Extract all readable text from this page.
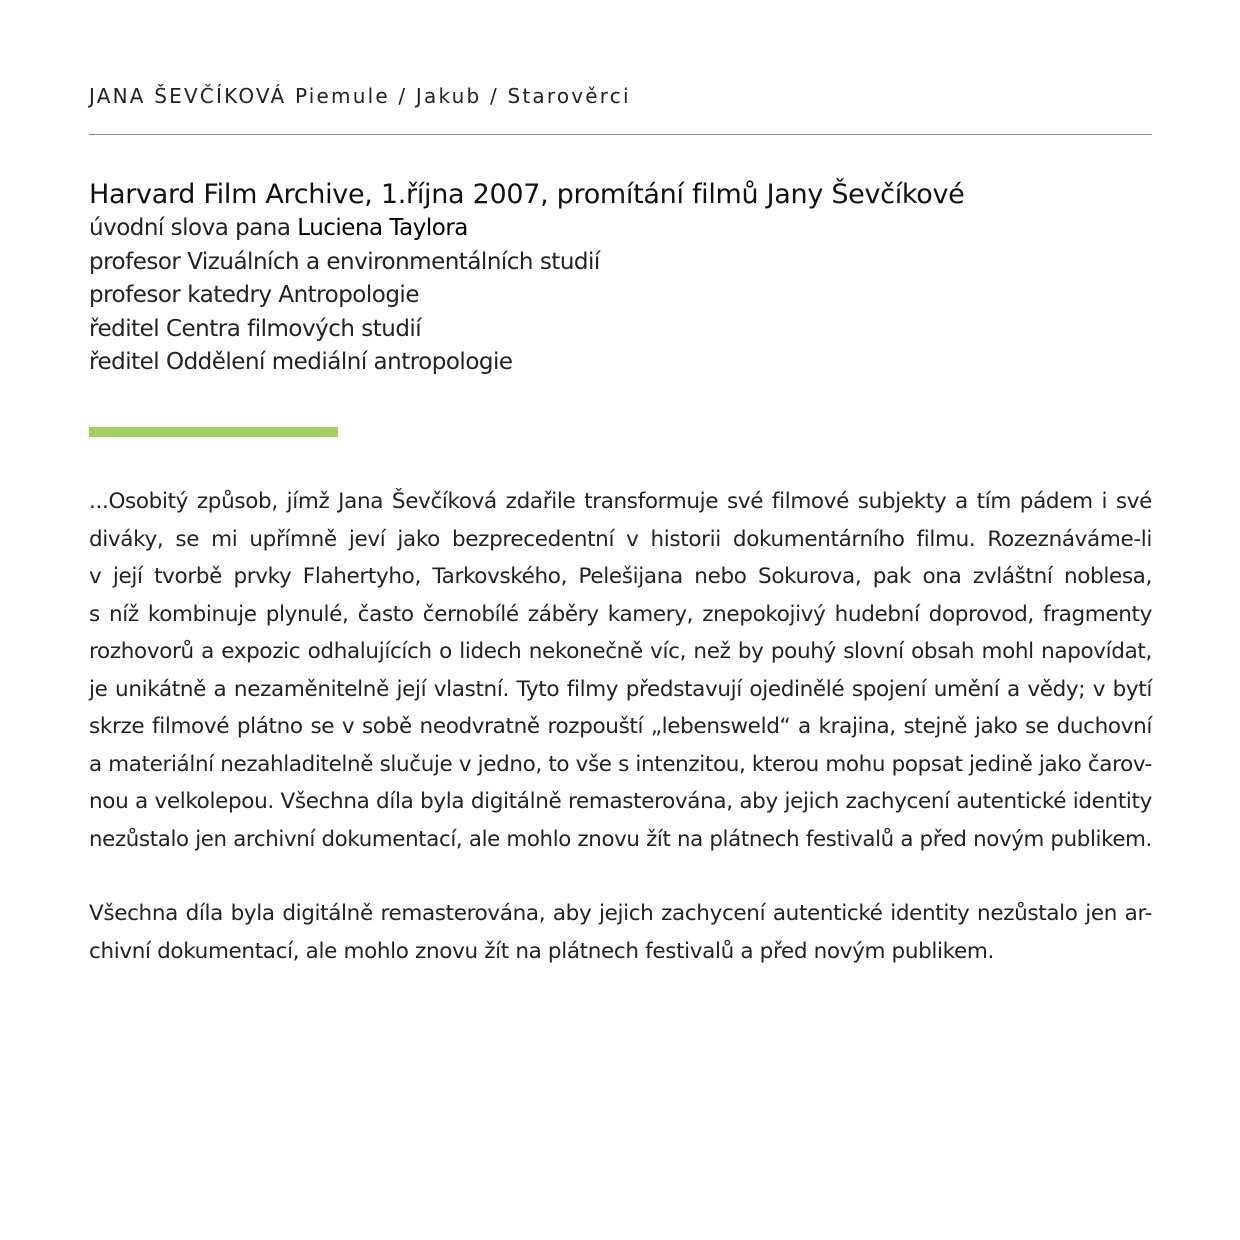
JANA ŠEVČÍKOVÁ Piemule / Jakub / Starověrci
Harvard Film Archive, 1.října 2007, promítání filmů Jany Ševčíkové
úvodní slova pana Luciena Taylora
profesor Vizuálních a environmentálních studií
profesor katedry Antropologie
ředitel Centra filmových studií
ředitel Oddělení mediální antropologie
...Osobitý způsob, jímž Jana Ševčíková zdařile transformuje své filmové subjekty a tím pádem i své
diváky, se mi upřímně jeví jako bezprecedentní v historii dokumentárního filmu. Rozeznáváme-li
v její tvorbě prvky Flahertyho, Tarkovského, Pelešijana nebo Sokurova, pak ona zvláštní noblesa,
s níž kombinuje plynulé, často černobílé záběry kamery, znepokojivý hudební doprovod, fragmenty
rozhovorů a expozic odhalujících o lidech nekonečně víc, než by pouhý slovní obsah mohl napovídat,
je unikátně a nezaměnitelně její vlastní. Tyto filmy představují ojedinělé spojení umění a vědy; v bytí
skrze filmové plátno se v sobě neodvratně rozpouští „lebensweld“ a krajina, stejně jako se duchovní
a materiální nezahladitelně slučuje v jedno, to vše s intenzitou, kterou mohu popsat jedině jako čarov-
nou a velkolepou. Všechna díla byla digitálně remasterována, aby jejich zachycení autentické identity
nezůstalo jen archivní dokumentací, ale mohlo znovu žít na plátnech festivalů a před novým publikem.
Všechna díla byla digitálně remasterována, aby jejich zachycení autentické identity nezůstalo jen ar-
chivní dokumentací, ale mohlo znovu žít na plátnech festivalů a před novým publikem.
